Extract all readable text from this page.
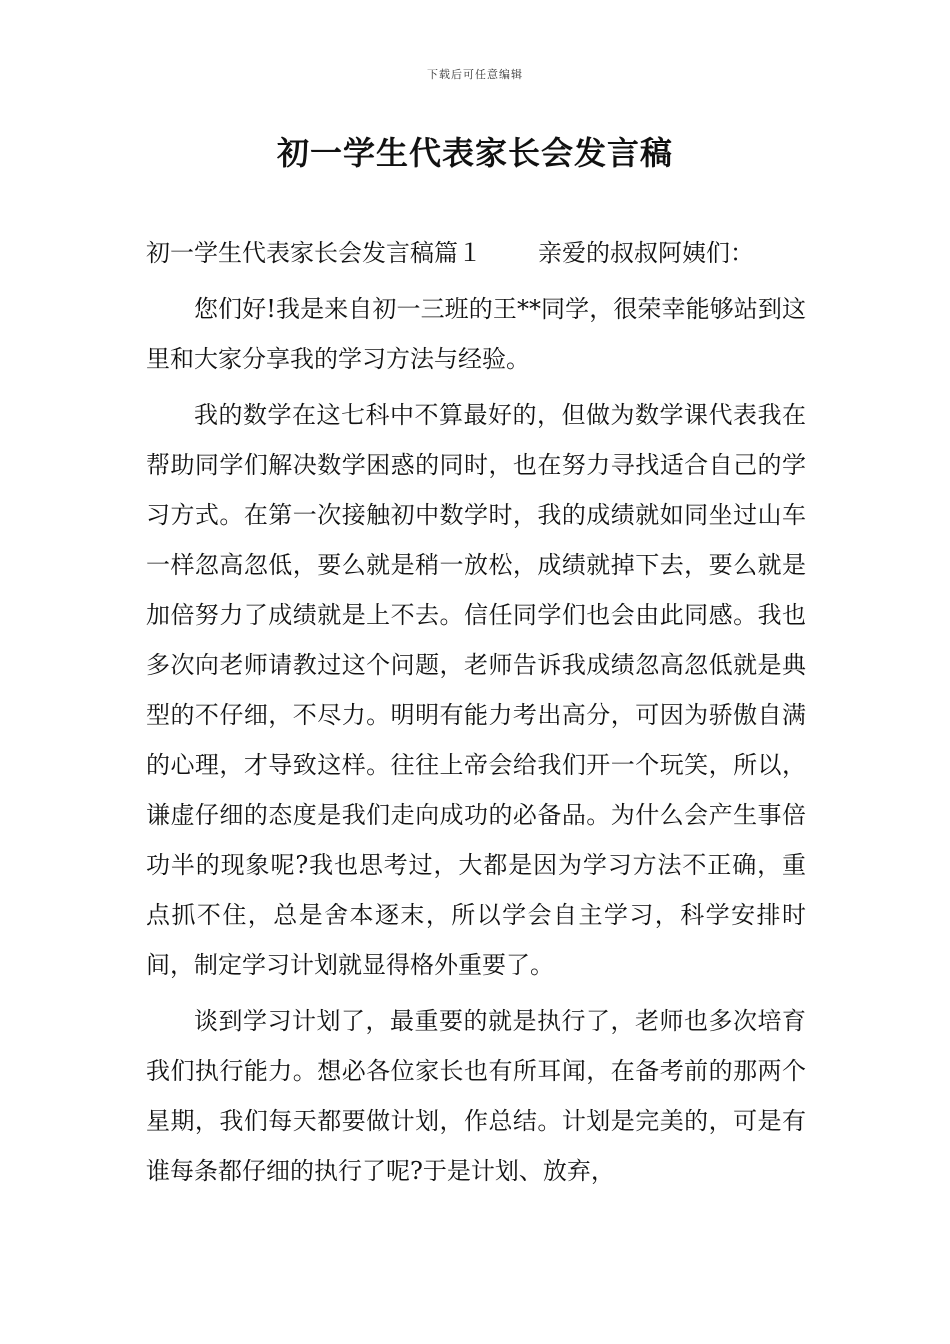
下载后可任意编辑
初一学生代表家长会发言稿

初一学生代表家长会发言稿篇１ 亲爱的叔叔阿姨们：

您们好!我是来自初一三班的王**同学，很荣幸能够站到这里和大家分享我的学习方法与经验。

我的数学在这七科中不算最好的，但做为数学课代表我在帮助同学们解决数学困惑的同时，也在努力寻找适合自己的学习方式。在第一次接触初中数学时，我的成绩就如同坐过山车一样忽高忽低，要么就是稍一放松，成绩就掉下去，要么就是加倍努力了成绩就是上不去。信任同学们也会由此同感。我也多次向老师请教过这个问题，老师告诉我成绩忽高忽低就是典型的不仔细，不尽力。明明有能力考出高分，可因为骄傲自满的心理，才导致这样。往往上帝会给我们开一个玩笑，所以，谦虚仔细的态度是我们走向成功的必备品。为什么会产生事倍功半的现象呢?我也思考过，大都是因为学习方法不正确，重点抓不住，总是舍本逐末，所以学会自主学习，科学安排时间，制定学习计划就显得格外重要了。

谈到学习计划了，最重要的就是执行了，老师也多次培育我们执行能力。想必各位家长也有所耳闻，在备考前的那两个星期，我们每天都要做计划，作总结。计划是完美的，可是有谁每条都仔细的执行了呢?于是计划、放弃，
